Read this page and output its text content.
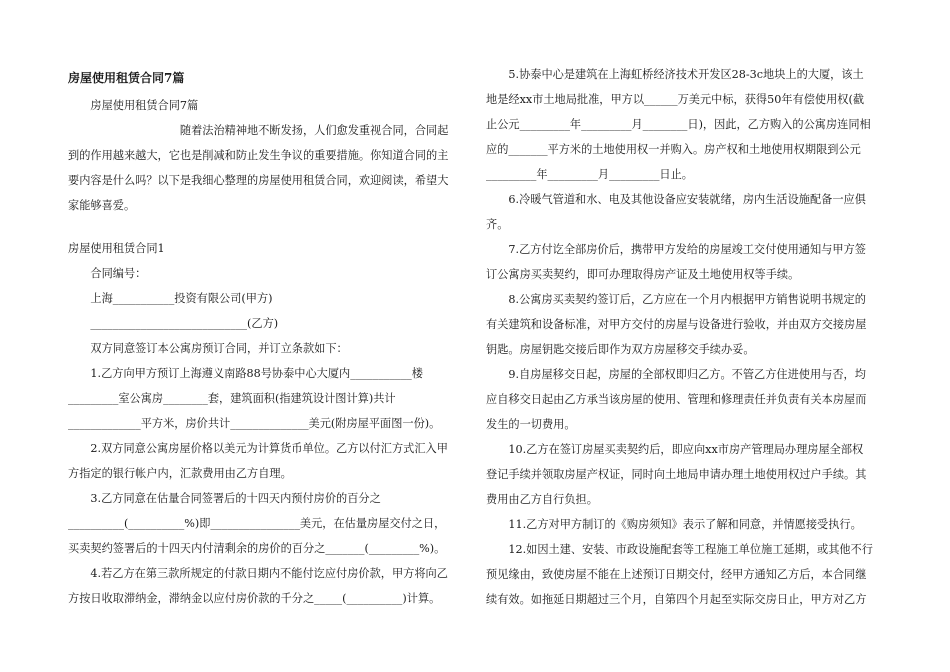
房屋使用租赁合同7篇

房屋使用租赁合同7篇

　　　　　　　　随着法治精神地不断发扬，人们愈发重视合同，合同起到的作用越来越大，它也是削减和防止发生争议的重要措施。你知道合同的主要内容是什么吗？以下是我细心整理的房屋使用租赁合同，欢迎阅读，希望大家能够喜爱。

房屋使用租赁合同1

合同编号：

上海___________投资有限公司(甲方)

____________________________(乙方)

双方同意签订本公寓房预订合同，并订立条款如下：

1.乙方向甲方预订上海遵义南路88号协泰中心大厦内___________楼_________室公寓房________套，建筑面积(指建筑设计图计算)共计_____________平方米，房价共计______________美元(附房屋平面图一份)。

2.双方同意公寓房屋价格以美元为计算货币单位。乙方以付汇方式汇入甲方指定的银行帐户内，汇款费用由乙方自理。

3.乙方同意在估量合同签署后的十四天内预付房价的百分之__________(__________%)即________________美元，在估量房屋交付之日，买卖契约签署后的十四天内付清剩余的房价的百分之_______(_________%)。

4.若乙方在第三款所规定的付款日期内不能付讫应付房价款，甲方将向乙方按日收取滞纳金，滞纳金以应付房价款的千分之_____(__________)计算。

5.协泰中心是建筑在上海虹桥经济技术开发区28-3c地块上的大厦，该土地是经xx市土地局批准，甲方以______万美元中标，获得50年有偿使用权(截止公元_________年_________月________日)，因此，乙方购入的公寓房连同相应的_______平方米的土地使用权一并购入。房产权和土地使用权期限到公元_________年_________月_________日止。

6.冷暖气管道和水、电及其他设备应安装就绪，房内生活设施配备一应俱齐。

7.乙方付讫全部房价后，携带甲方发给的房屋竣工交付使用通知与甲方签订公寓房买卖契约，即可办理取得房产证及土地使用权等手续。

8.公寓房买卖契约签订后，乙方应在一个月内根据甲方销售说明书规定的有关建筑和设备标准，对甲方交付的房屋与设备进行验收，并由双方交接房屋钥匙。房屋钥匙交接后即作为双方房屋移交手续办妥。

9.自房屋移交日起，房屋的全部权即归乙方。不管乙方住进使用与否，均应自移交日起由乙方承当该房屋的使用、管理和修理责任并负责有关本房屋而发生的一切费用。

10.乙方在签订房屋买卖契约后，即应向xx市房产管理局办理房屋全部权登记手续并领取房屋产权证，同时向土地局申请办理土地使用权过户手续。其费用由乙方自行负担。

11.乙方对甲方制订的《购房须知》表示了解和同意，并情愿接受执行。

12.如因土建、安装、市政设施配套等工程施工单位施工延期，或其他不行预见缘由，致使房屋不能在上述预订日期交付，经甲方通知乙方后，本合同继续有效。如拖延日期超过三个月，自第四个月起至实际交房日止，甲方对乙方
